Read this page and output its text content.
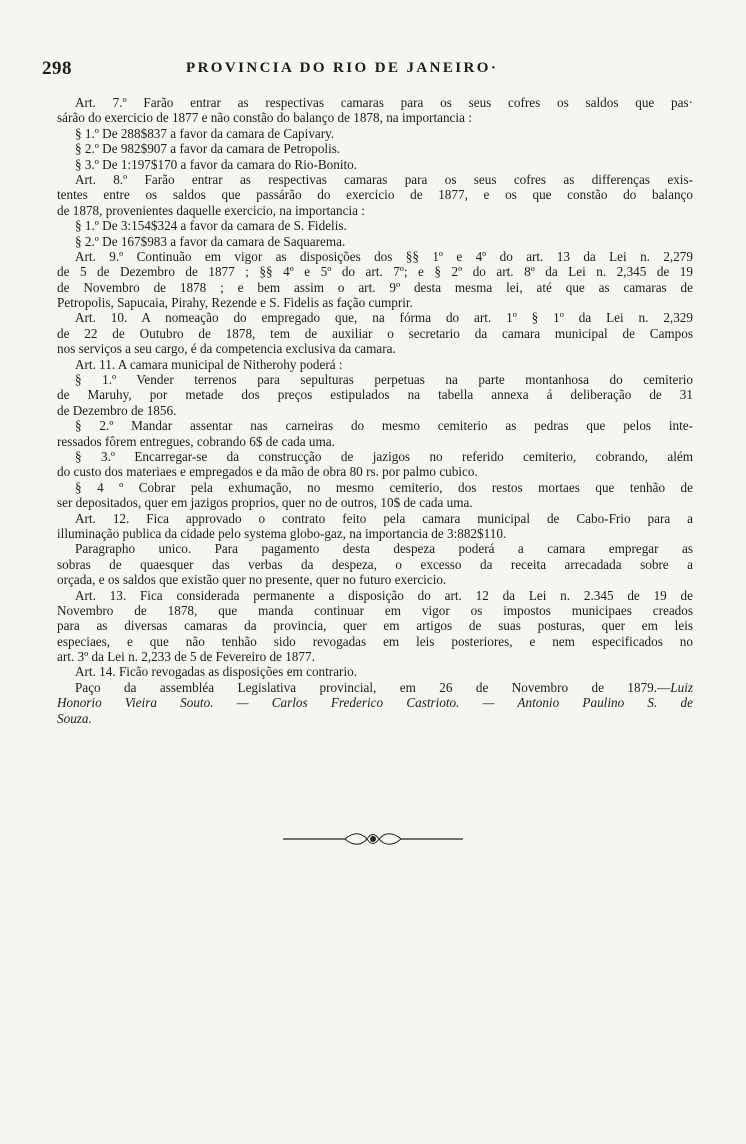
298	PROVINCIA DO RIO DE JANEIRO·
Art. 7.º Farão entrar as respectivas camaras para os seus cofres os saldos que pas·
sárão do exercicio de 1877 e não constão do balanço de 1878, na importancia :
§ 1.º De 288$837 a favor da camara de Capivary.
§ 2.º De 982$907 a favor da camara de Petropolis.
§ 3.º De 1:197$170 a favor da camara do Rio-Bonito.
Art. 8.º Farão entrar as respectivas camaras para os seus cofres as differenças exis-
tentes entre os saldos que passárão do exercicio de 1877, e os que constão do balanço
de 1878, provenientes daquelle exercicio, na importancia :
§ 1.º De 3:154$324 a favor da camara de S. Fidelis.
§ 2.º De 167$983 a favor da camara de Saquarema.
Art. 9.º Continuão em vigor as disposições dos §§ 1º e 4º do art. 13 da Lei n. 2,279
de 5 de Dezembro de 1877 ; §§ 4º e 5º do art. 7º; e § 2º do art. 8º da Lei n. 2,345 de 19
de Novembro de 1878 ; e bem assim o art. 9º desta mesma lei, até que as camaras de
Petropolis, Sapucaia, Pirahy, Rezende e S. Fidelis as fação cumprir.
Art. 10. A nomeação do empregado que, na fórma do art. 1º § 1º da Lei n. 2,329
de 22 de Outubro de 1878, tem de auxiliar o secretario da camara municipal de Campos
nos serviços a seu cargo, é da competencia exclusiva da camara.
Art. 11. A camara municipal de Nitherohy poderá :
§ 1.º Vender terrenos para sepulturas perpetuas na parte montanhosa do cemiterio
de Maruhy, por metade dos preços estipulados na tabella annexa á deliberação de 31
de Dezembro de 1856.
§ 2.º Mandar assentar nas carneiras do mesmo cemiterio as pedras que pelos inte-
ressados fôrem entregues, cobrando 6$ de cada uma.
§ 3.º Encarregar-se da construcção de jazigos no referido cemiterio, cobrando, além
do custo dos materiaes e empregados e da mão de obra 80 rs. por palmo cubico.
§ 4 º Cobrar pela exhumação, no mesmo cemiterio, dos restos mortaes que tenhão de
ser depositados, quer em jazigos proprios, quer no de outros, 10$ de cada uma.
Art. 12. Fica approvado o contrato feito pela camara municipal de Cabo-Frio para a
illuminação publica da cidade pelo systema globo-gaz, na importancia de 3:882$110.
Paragrapho unico. Para pagamento desta despeza poderá a camara empregar as
sobras de quaesquer das verbas da despeza, o excesso da receita arrecadada sobre a
orçada, e os saldos que existão quer no presente, quer no futuro exercicio.
Art. 13. Fica considerada permanente a disposição do art. 12 da Lei n. 2.345 de 19 de
Novembro de 1878, que manda continuar em vigor os impostos municipaes creados
para as diversas camaras da provincia, quer em artigos de suas posturas, quer em leis
especiaes, e que não tenhão sido revogadas em leis posteriores, e nem especificados no
art. 3º da Lei n. 2,233 de 5 de Fevereiro de 1877.
Art. 14. Ficão revogadas as disposições em contrario.
Paço da assembléa Legislativa provincial, em 26 de Novembro de 1879.—Luiz
Honorio Vieira Souto. — Carlos Frederico Castrioto. — Antonio Paulino S. de
Souza.
